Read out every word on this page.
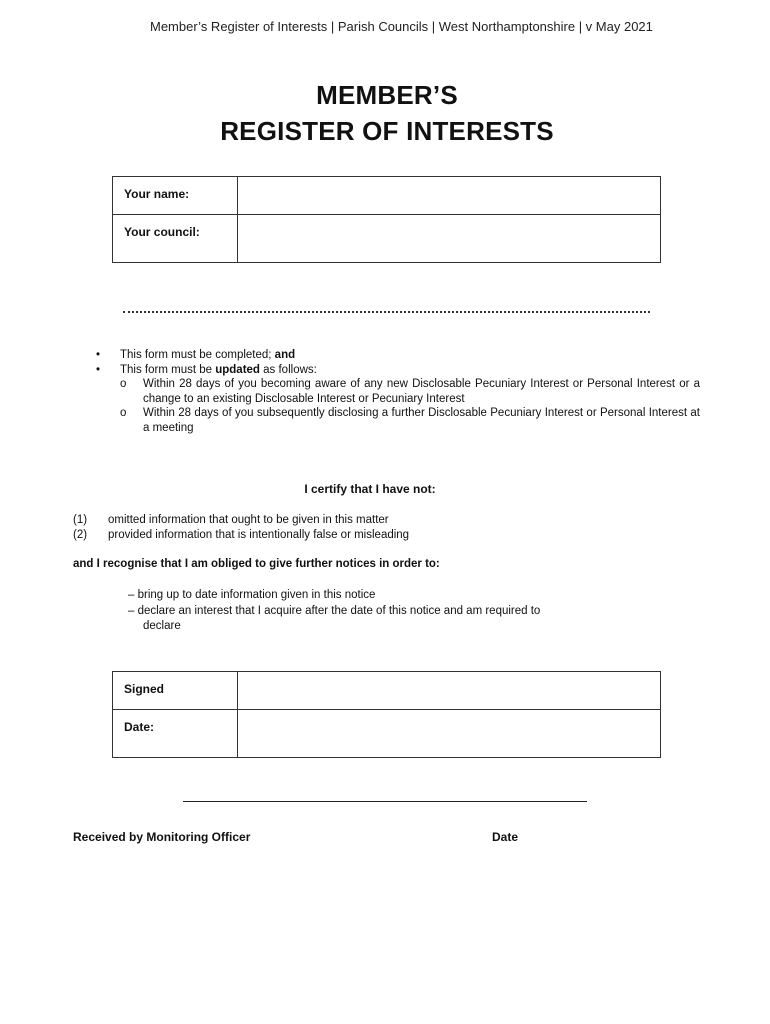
Member’s Register of Interests | Parish Councils | West Northamptonshire | v May 2021
MEMBER’S
REGISTER OF INTERESTS
Your name:	
Your council:	
• This form must be completed; and
• This form must be updated as follows:
o Within 28 days of you becoming aware of any new Disclosable Pecuniary Interest or Personal Interest or a change to an existing Disclosable Interest or Pecuniary Interest
o Within 28 days of you subsequently disclosing a further Disclosable Pecuniary Interest or Personal Interest at a meeting
I certify that I have not:
(1) omitted information that ought to be given in this matter
(2) provided information that is intentionally false or misleading
and I recognise that I am obliged to give further notices in order to:
– bring up to date information given in this notice
– declare an interest that I acquire after the date of this notice and am required to
declare
Signed	
Date:	
Received by Monitoring Officer	Date
